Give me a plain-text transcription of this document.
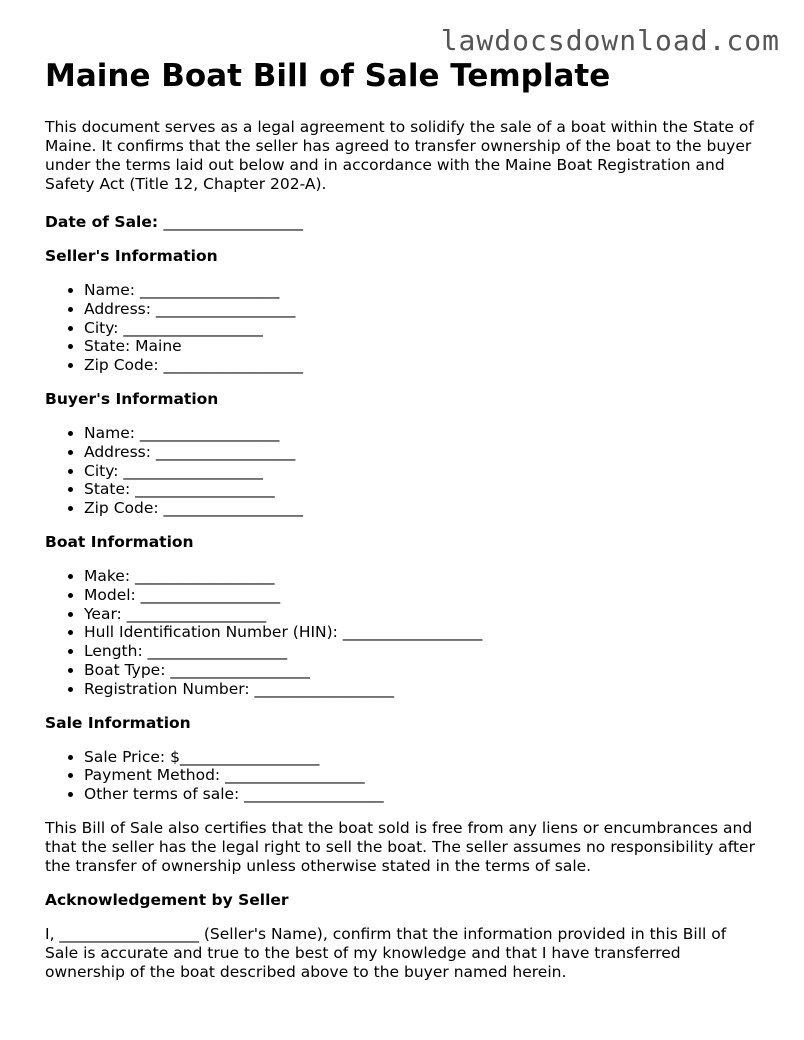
lawdocsdownload.com
Maine Boat Bill of Sale Template

This document serves as a legal agreement to solidify the sale of a boat within the State of Maine. It confirms that the seller has agreed to transfer ownership of the boat to the buyer under the terms laid out below and in accordance with the Maine Boat Registration and Safety Act (Title 12, Chapter 202-A).

Date of Sale: __________________
Seller's Information
• Name: __________________
• Address: __________________
• City: __________________
• State: Maine
• Zip Code: __________________
Buyer's Information
• Name: __________________
• Address: __________________
• City: __________________
• State: __________________
• Zip Code: __________________
Boat Information
• Make: __________________
• Model: __________________
• Year: __________________
• Hull Identification Number (HIN): __________________
• Length: __________________
• Boat Type: __________________
• Registration Number: __________________
Sale Information
• Sale Price: $__________________
• Payment Method: __________________
• Other terms of sale: __________________

This Bill of Sale also certifies that the boat sold is free from any liens or encumbrances and that the seller has the legal right to sell the boat. The seller assumes no responsibility after the transfer of ownership unless otherwise stated in the terms of sale.

Acknowledgement by Seller

I, __________________ (Seller's Name), confirm that the information provided in this Bill of Sale is accurate and true to the best of my knowledge and that I have transferred ownership of the boat described above to the buyer named herein.
